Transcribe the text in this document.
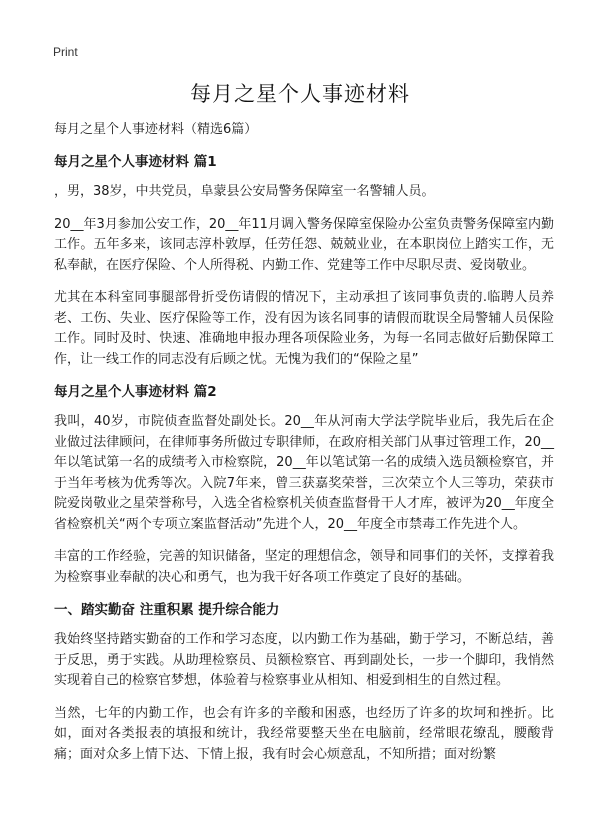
Print
每月之星个人事迹材料
每月之星个人事迹材料（精选6篇）
每月之星个人事迹材料 篇1

，男，38岁，中共党员，阜蒙县公安局警务保障室一名警辅人员。

20__年3月参加公安工作，20__年11月调入警务保障室保险办公室负责警务保障室内勤工作。五年多来，该同志淳朴敦厚，任劳任怨、兢兢业业，在本职岗位上踏实工作，无私奉献，在医疗保险、个人所得税、内勤工作、党建等工作中尽职尽责、爱岗敬业。

尤其在本科室同事腿部骨折受伤请假的情况下，主动承担了该同事负责的.临聘人员养老、工伤、失业、医疗保险等工作，没有因为该名同事的请假而耽误全局警辅人员保险工作。同时及时、快速、准确地申报办理各项保险业务，为每一名同志做好后勤保障工作，让一线工作的同志没有后顾之忧。无愧为我们的“保险之星”

每月之星个人事迹材料 篇2

我叫，40岁，市院侦查监督处副处长。20__年从河南大学法学院毕业后，我先后在企业做过法律顾问，在律师事务所做过专职律师，在政府相关部门从事过管理工作，20__年以笔试第一名的成绩考入市检察院，20__年以笔试第一名的成绩入选员额检察官，并于当年考核为优秀等次。入院7年来，曾三获嘉奖荣誉，三次荣立个人三等功，荣获市院爱岗敬业之星荣誉称号，入选全省检察机关侦查监督骨干人才库，被评为20__年度全省检察机关“两个专项立案监督活动”先进个人，20__年度全市禁毒工作先进个人。

丰富的工作经验，完善的知识储备，坚定的理想信念，领导和同事们的关怀，支撑着我为检察事业奉献的决心和勇气，也为我干好各项工作奠定了良好的基础。

一、踏实勤奋 注重积累 提升综合能力

我始终坚持踏实勤奋的工作和学习态度，以内勤工作为基础，勤于学习，不断总结，善于反思，勇于实践。从助理检察员、员额检察官、再到副处长，一步一个脚印，我悄然实现着自己的检察官梦想，体验着与检察事业从相知、相爱到相生的自然过程。

当然，七年的内勤工作，也会有许多的辛酸和困惑，也经历了许多的坎坷和挫折。比如，面对各类报表的填报和统计，我经常要整天坐在电脑前，经常眼花缭乱，腰酸背痛；面对众多上情下达、下情上报，我有时会心烦意乱，不知所措；面对纷繁
